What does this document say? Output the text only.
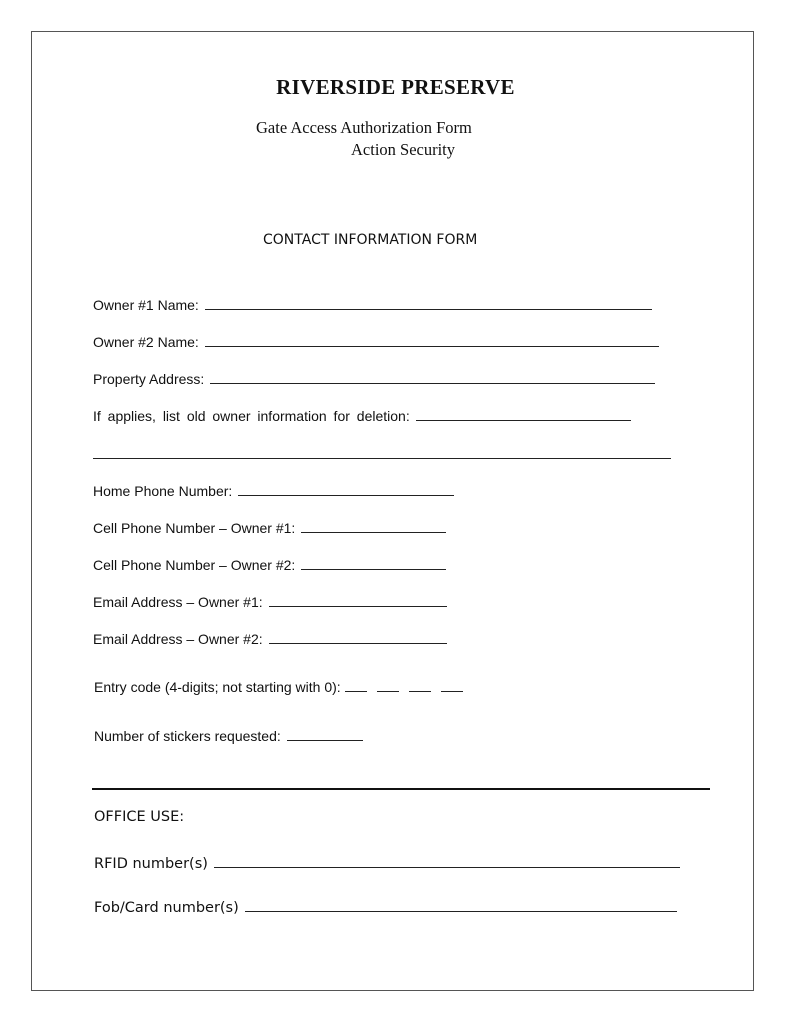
RIVERSIDE PRESERVE
Gate Access Authorization Form
Action Security
CONTACT INFORMATION FORM
Owner #1 Name:
Owner #2 Name:
Property Address:
If applies, list old owner information for deletion:
Home Phone Number:
Cell Phone Number – Owner #1:
Cell Phone Number – Owner #2:
Email Address – Owner #1:
Email Address – Owner #2:
Entry code (4-digits; not starting with 0):
Number of stickers requested:
OFFICE USE:
RFID number(s)
Fob/Card number(s)
